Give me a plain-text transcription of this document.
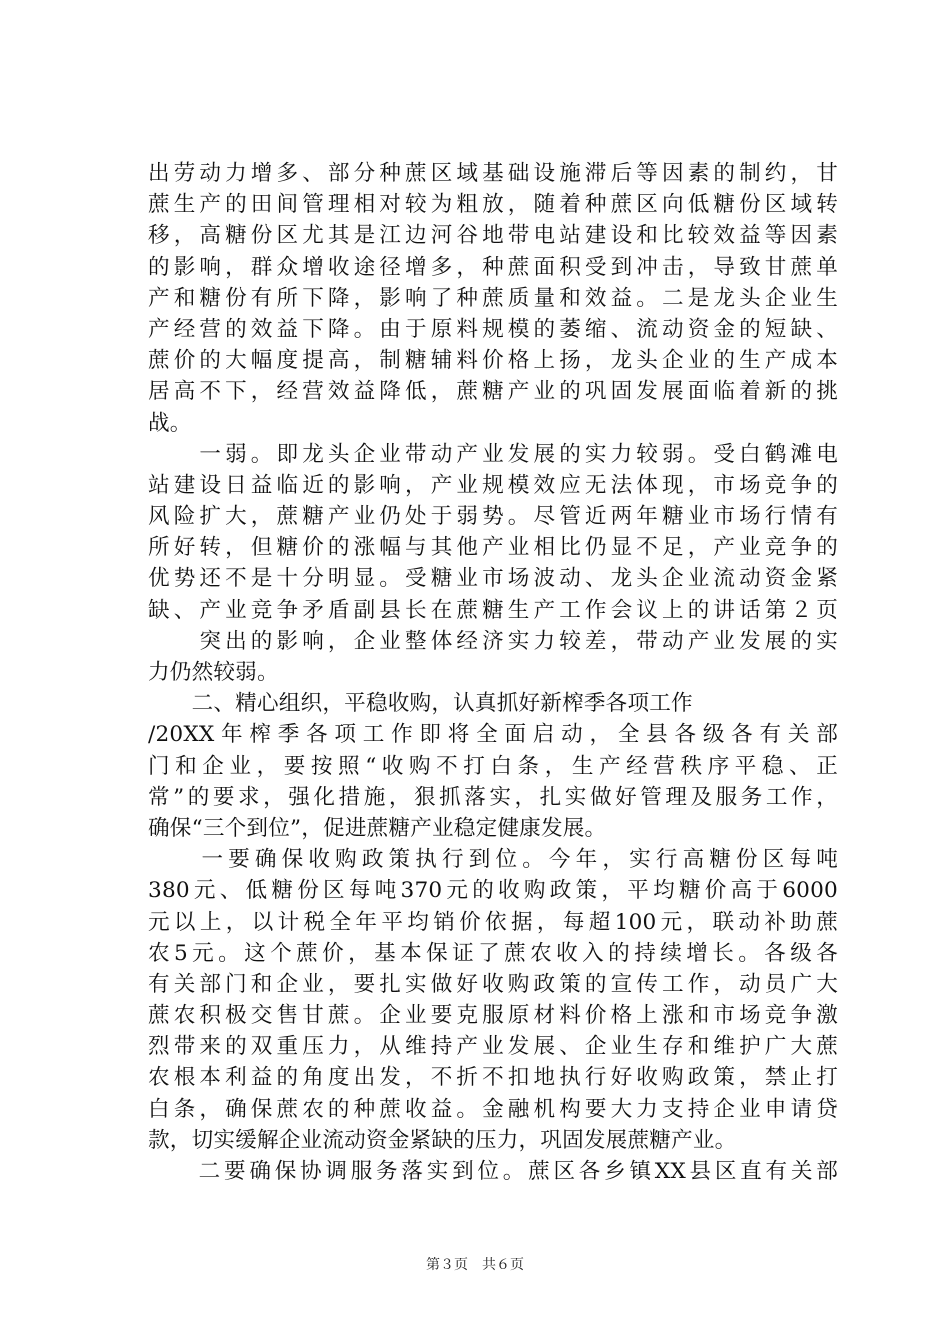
出劳动力增多、部分种蔗区域基础设施滞后等因素的制约，甘
蔗生产的田间管理相对较为粗放，随着种蔗区向低糖份区域转
移，高糖份区尤其是江边河谷地带电站建设和比较效益等因素
的影响，群众增收途径增多，种蔗面积受到冲击，导致甘蔗单
产和糖份有所下降，影响了种蔗质量和效益。二是龙头企业生
产经营的效益下降。由于原料规模的萎缩、流动资金的短缺、
蔗价的大幅度提高，制糖辅料价格上扬，龙头企业的生产成本
居高不下，经营效益降低，蔗糖产业的巩固发展面临着新的挑
战。
　　一弱。即龙头企业带动产业发展的实力较弱。受白鹤滩电
站建设日益临近的影响，产业规模效应无法体现，市场竞争的
风险扩大，蔗糖产业仍处于弱势。尽管近两年糖业市场行情有
所好转，但糖价的涨幅与其他产业相比仍显不足，产业竞争的
优势还不是十分明显。受糖业市场波动、龙头企业流动资金紧
缺、产业竞争矛盾副县长在蔗糖生产工作会议上的讲话第２页
　　突出的影响，企业整体经济实力较差，带动产业发展的实
力仍然较弱。
　　二、精心组织，平稳收购，认真抓好新榨季各项工作
/20XX年榨季各项工作即将全面启动，全县各级各有关部
门和企业，要按照“收购不打白条，生产经营秩序平稳、正
常”的要求，强化措施，狠抓落实，扎实做好管理及服务工作，
确保“三个到位”，促进蔗糖产业稳定健康发展。
　　一要确保收购政策执行到位。今年，实行高糖份区每吨
380元、低糖份区每吨370元的收购政策，平均糖价高于6000
元以上，以计税全年平均销价依据，每超100元，联动补助蔗
农5元。这个蔗价，基本保证了蔗农收入的持续增长。各级各
有关部门和企业，要扎实做好收购政策的宣传工作，动员广大
蔗农积极交售甘蔗。企业要克服原材料价格上涨和市场竞争激
烈带来的双重压力，从维持产业发展、企业生存和维护广大蔗
农根本利益的角度出发，不折不扣地执行好收购政策，禁止打
白条，确保蔗农的种蔗收益。金融机构要大力支持企业申请贷
款，切实缓解企业流动资金紧缺的压力，巩固发展蔗糖产业。
　　二要确保协调服务落实到位。蔗区各乡镇XX县区直有关部
第３页　共６页
